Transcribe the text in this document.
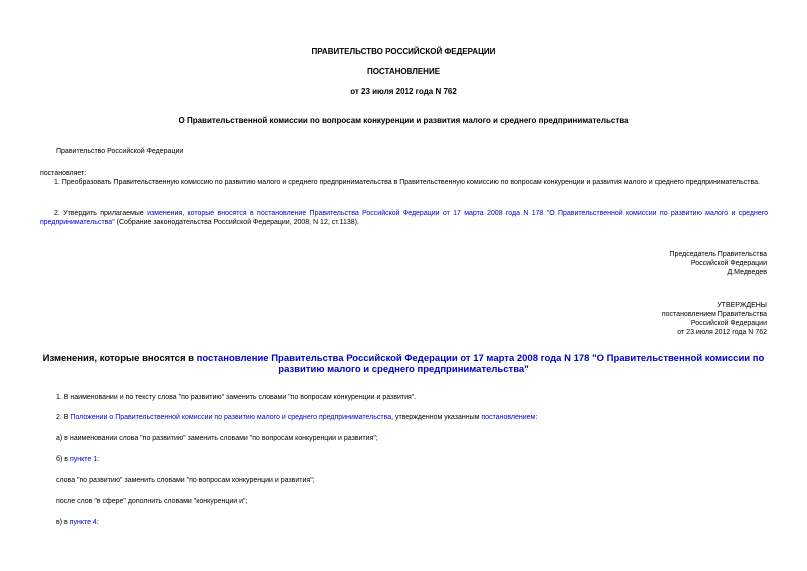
ПРАВИТЕЛЬСТВО РОССИЙСКОЙ ФЕДЕРАЦИИ
ПОСТАНОВЛЕНИЕ
от 23 июля 2012 года N 762
О Правительственной комиссии по вопросам конкуренции и развития малого и среднего предпринимательства
Правительство Российской Федерации
постановляет:
1. Преобразовать Правительственную комиссию по развитию малого и среднего предпринимательства в Правительственную комиссию по вопросам конкуренции и развития малого и среднего предпринимательства.
2. Утвердить прилагаемые изменения, которые вносятся в постановление Правительства Российской Федерации от 17 марта 2008 года N 178 "О Правительственной комиссии по развитию малого и среднего предпринимательства" (Собрание законодательства Российской Федерации, 2008, N 12, ст.1138).

Председатель Правительства

Российской Федерации

Д.Медведев

УТВЕРЖДЕНЫ

постановлением Правительства

Российской Федерации

от 23 июля 2012 года N 762

Изменения, которые вносятся в постановление Правительства Российской Федерации от 17 марта 2008 года N 178 "О Правительственной комиссии по развитию малого и среднего предпринимательства"
1. В наименовании и по тексту слова "по развитию" заменить словами "по вопросам конкуренции и развития".
2. В Положении о Правительственной комиссии по развитию малого и среднего предпринимательства, утвержденном указанным постановлением:
а) в наименовании слова "по развитию" заменить словами "по вопросам конкуренции и развития";
б) в пункте 1:
слова "по развитию" заменить словами "по вопросам конкуренции и развития";
после слов "в сфере" дополнить словами "конкуренции и";
в) в пункте 4:
